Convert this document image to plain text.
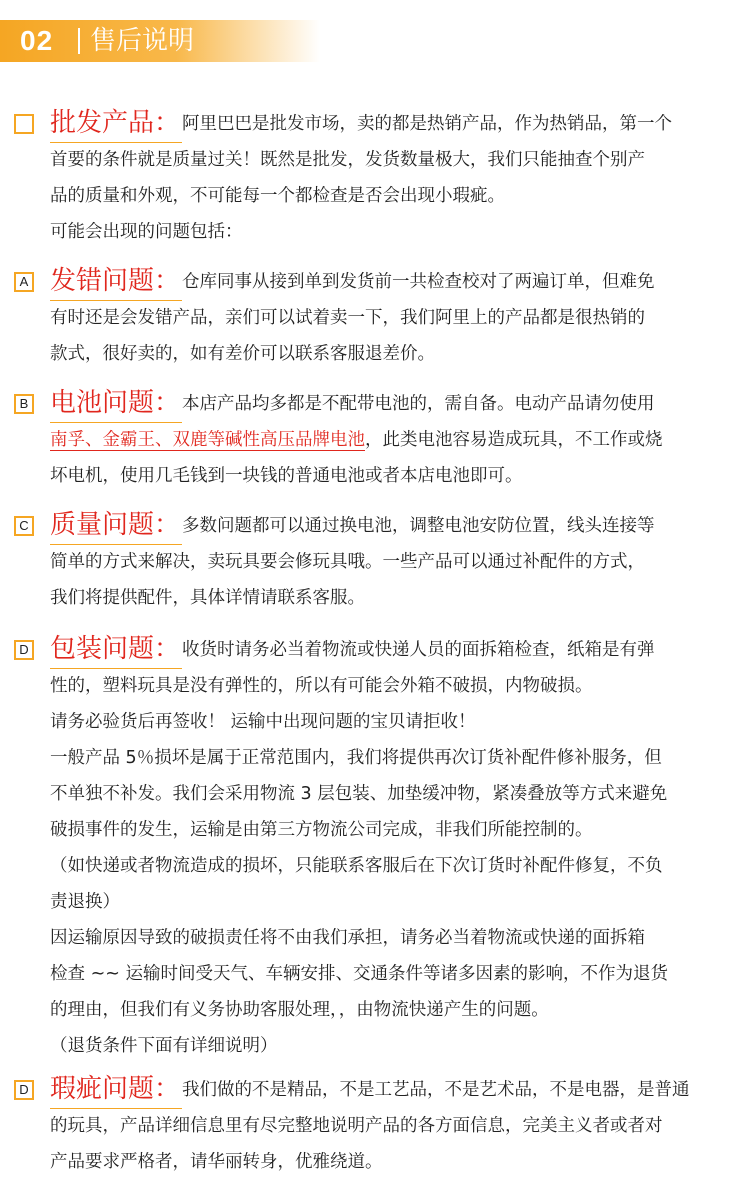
02 售后说明
批发产品： 阿里巴巴是批发市场，卖的都是热销产品，作为热销品，第一个

首要的条件就是质量过关！既然是批发，发货数量极大，我们只能抽查个别产
品的质量和外观，不可能每一个都检查是否会出现小瑕疵。
可能会出现的问题包括：

A 发错问题： 仓库同事从接到单到发货前一共检查校对了两遍订单，但难免

有时还是会发错产品，亲们可以试着卖一下，我们阿里上的产品都是很热销的
款式，很好卖的，如有差价可以联系客服退差价。

B 电池问题： 本店产品均多都是不配带电池的，需自备。电动产品请勿使用

南孚、金霸王、双鹿等碱性高压品牌电池，此类电池容易造成玩具，不工作或烧
坏电机，使用几毛钱到一块钱的普通电池或者本店电池即可。

C 质量问题： 多数问题都可以通过换电池，调整电池安防位置，线头连接等

简单的方式来解决，卖玩具要会修玩具哦。一些产品可以通过补配件的方式，
我们将提供配件，具体详情请联系客服。

D 包装问题： 收货时请务必当着物流或快递人员的面拆箱检查，纸箱是有弹

性的，塑料玩具是没有弹性的，所以有可能会外箱不破损，内物破损。
请务必验货后再签收！ 运输中出现问题的宝贝请拒收！
一般产品 5％损坏是属于正常范围内，我们将提供再次订货补配件修补服务，但
不单独不补发。我们会采用物流 3 层包装、加垫缓冲物，紧凑叠放等方式来避免
破损事件的发生，运输是由第三方物流公司完成，非我们所能控制的。
（如快递或者物流造成的损坏，只能联系客服后在下次订货时补配件修复，不负
责退换）
因运输原因导致的破损责任将不由我们承担，请务必当着物流或快递的面拆箱
检查 ~~ 运输时间受天气、车辆安排、交通条件等诸多因素的影响，不作为退货
的理由，但我们有义务协助客服处理，，由物流快递产生的问题。
（退货条件下面有详细说明）

D 瑕疵问题： 我们做的不是精品，不是工艺品，不是艺术品，不是电器，是普通

的玩具，产品详细信息里有尽完整地说明产品的各方面信息，完美主义者或者对
产品要求严格者，请华丽转身，优雅绕道。
